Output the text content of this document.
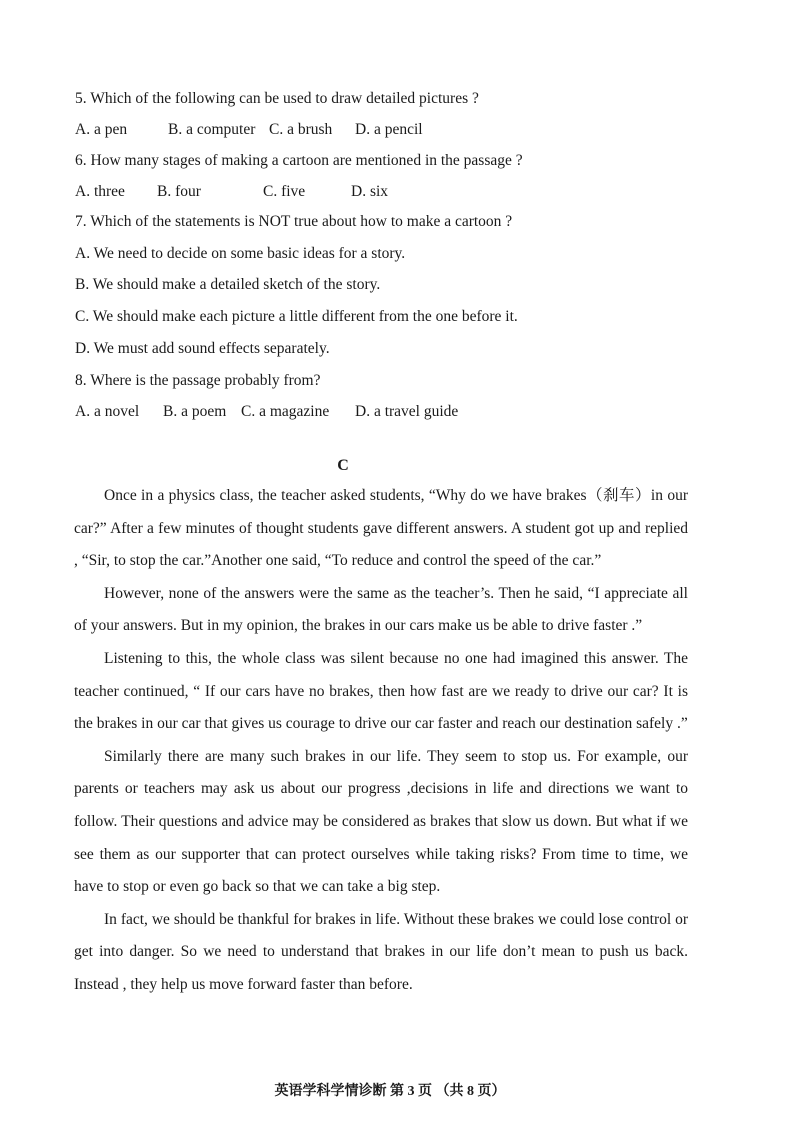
5. Which of the following can be used to draw detailed pictures ?
A. a pen	B. a computer C. a brush D. a pencil
6. How many stages of making a cartoon are mentioned in the passage ?
A. three B. four	C. five	D. six
7. Which of the statements is NOT true about how to make a cartoon ?
A. We need to decide on some basic ideas for a story.
B. We should make a detailed sketch of the story.
C. We should make each picture a little different from the one before it.
D. We must add sound effects separately.
8. Where is the passage probably from?
A. a novel B. a poem C. a magazine D. a travel guide
C

Once in a physics class, the teacher asked students, “Why do we have brakes（刹车）in our car?” After a few minutes of thought students gave different answers. A student got up and replied , “Sir, to stop the car.”Another one said, “To reduce and control the speed of the car.”

However, none of the answers were the same as the teacher’s. Then he said, “I appreciate all of your answers. But in my opinion, the brakes in our cars make us be able to drive faster .”

Listening to this, the whole class was silent because no one had imagined this answer. The teacher continued, “ If our cars have no brakes, then how fast are we ready to drive our car? It is the brakes in our car that gives us courage to drive our car faster and reach our destination safely .”

Similarly there are many such brakes in our life. They seem to stop us. For example, our parents or teachers may ask us about our progress ,decisions in life and directions we want to follow. Their questions and advice may be considered as brakes that slow us down. But what if we see them as our supporter that can protect ourselves while taking risks? From time to time, we have to stop or even go back so that we can take a big step.

In fact, we should be thankful for brakes in life. Without these brakes we could lose control or get into danger. So we need to understand that brakes in our life don’t mean to push us back. Instead , they help us move forward faster than before.

英语学科学情诊断 第 3 页 （共 8 页）
